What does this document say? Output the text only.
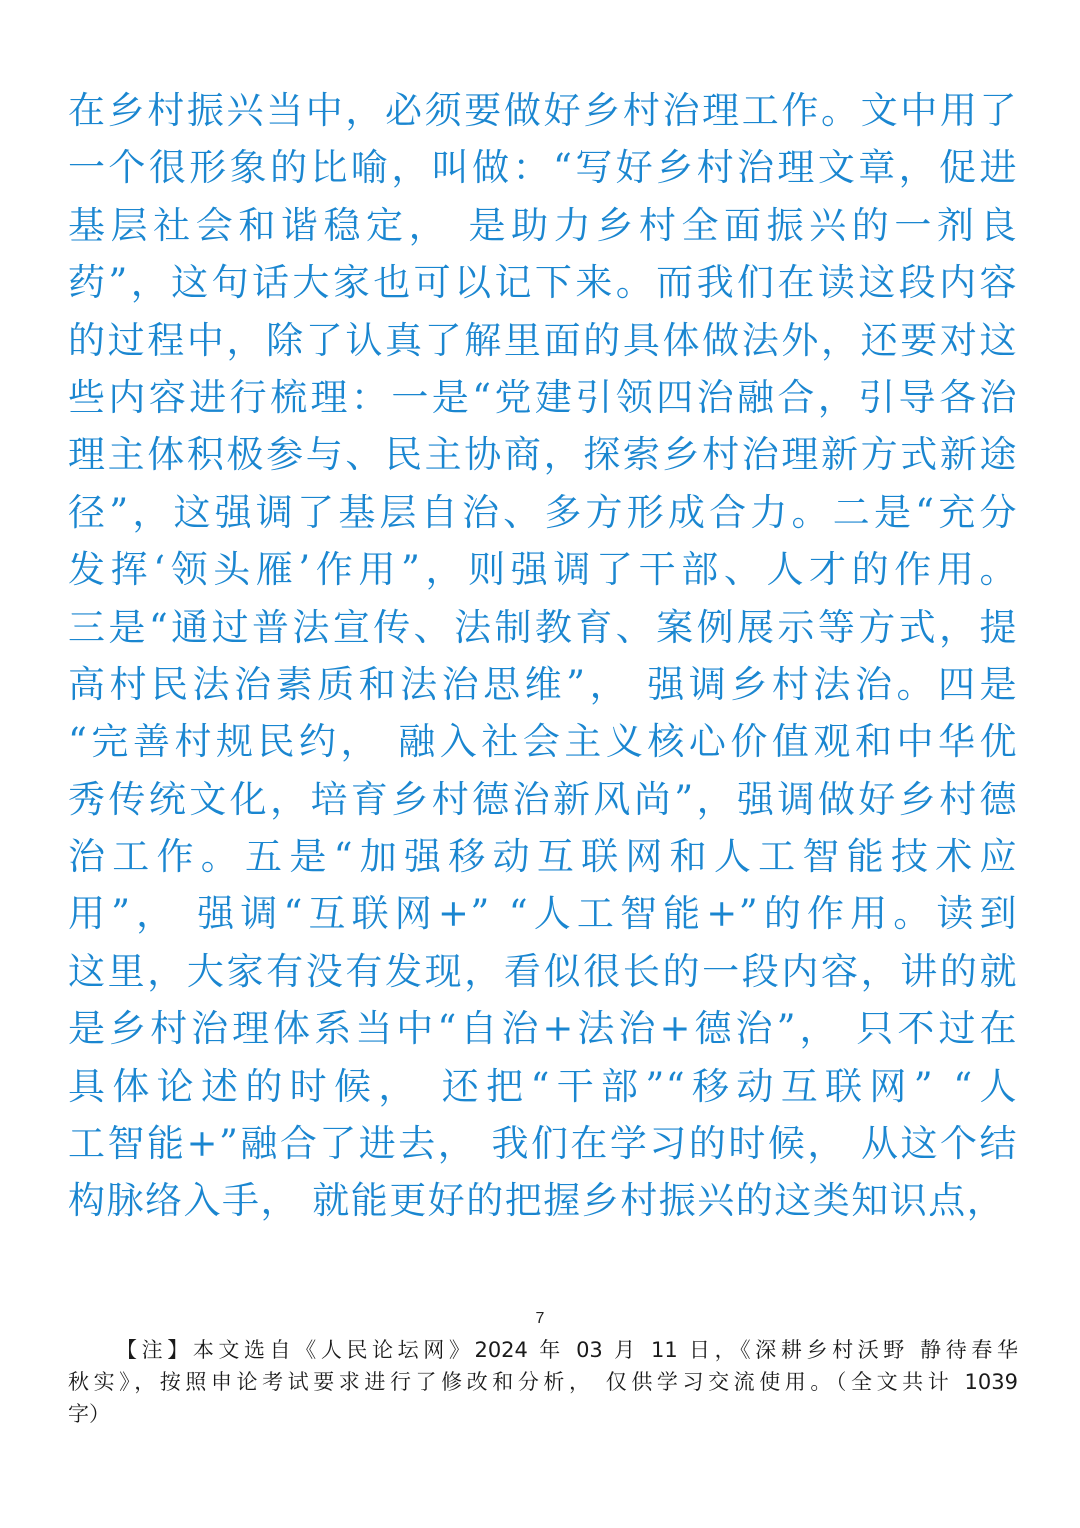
在乡村振兴当中，必须要做好乡村治理工作。文中用了
一个很形象的比喻，叫做：“写好乡村治理文章，促进
基层社会和谐稳定， 是助力乡村全面振兴的一剂良
药”，这句话大家也可以记下来。而我们在读这段内容
的过程中，除了认真了解里面的具体做法外，还要对这
些内容进行梳理：一是“党建引领四治融合，引导各治
理主体积极参与、民主协商，探索乡村治理新方式新途
径”，这强调了基层自治、多方形成合力。二是“充分
发挥‘领头雁’作用”，则强调了干部、人才的作用。
三是“通过普法宣传、法制教育、案例展示等方式，提
高村民法治素质和法治思维”， 强调乡村法治。四是
“完善村规民约， 融入社会主义核心价值观和中华优
秀传统文化，培育乡村德治新风尚”，强调做好乡村德
治工作。五是“加强移动互联网和人工智能技术应
用”， 强调“互联网+” “人工智能+”的作用。读到
这里，大家有没有发现，看似很长的一段内容，讲的就
是乡村治理体系当中“自治+法治+德治”， 只不过在
具体论述的时候， 还把“干部”“移动互联网” “人
工智能+”融合了进去， 我们在学习的时候， 从这个结
构脉络入手， 就能更好的把握乡村振兴的这类知识点，
7
【注】本文选自《人民论坛网》2024 年 03 月 11 日，《深耕乡村沃野 静待春华
秋实》，按照申论考试要求进行了修改和分析， 仅供学习交流使用。（全文共计 1039
字）
